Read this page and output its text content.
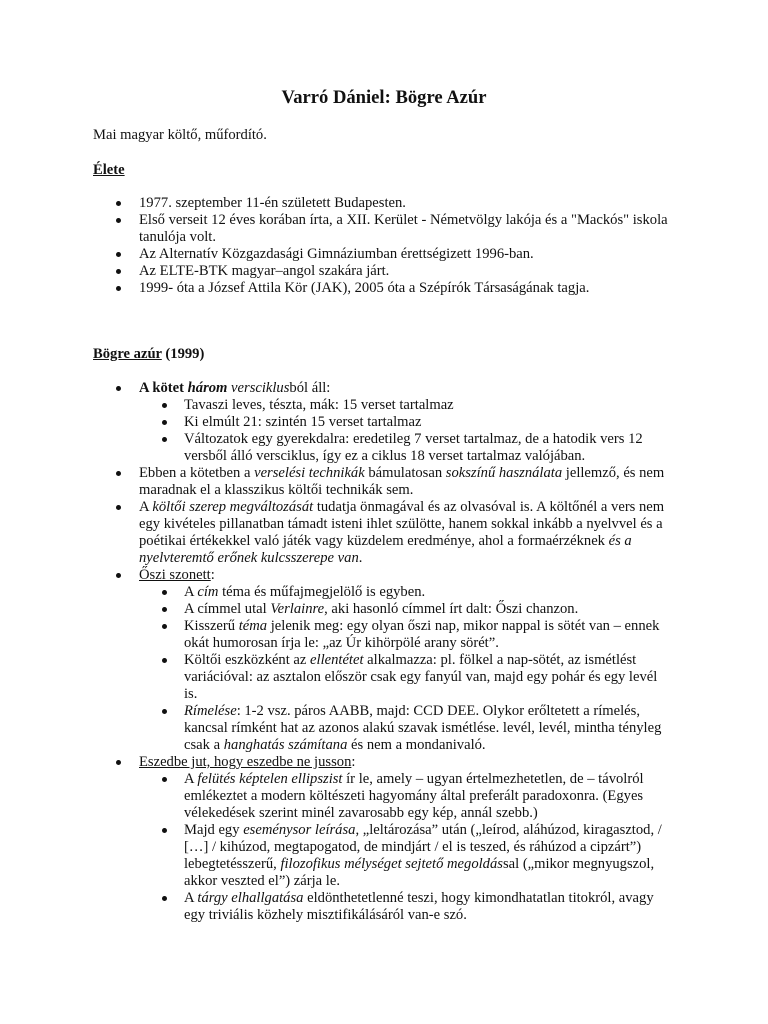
Varró Dániel: Bögre Azúr

Mai magyar költő, műfordító.

Élete

1977. szeptember 11-én született Budapesten.
Első verseit 12 éves korában írta, a XII. Kerület - Németvölgy lakója és a "Mackós" iskola tanulója volt.
Az Alternatív Közgazdasági Gimnáziumban érettségizett 1996-ban.
Az ELTE-BTK magyar–angol szakára járt.
1999- óta a József Attila Kör (JAK), 2005 óta a Szépírók Társaságának tagja.

Bögre azúr (1999)

A kötet három versciklusból áll:
Tavaszi leves, tészta, mák: 15 verset tartalmaz
Ki elmúlt 21: szintén 15 verset tartalmaz
Változatok egy gyerekdalra: eredetileg 7 verset tartalmaz, de a hatodik vers 12 versből álló versciklus, így ez a ciklus 18 verset tartalmaz valójában.
Ebben a kötetben a verselési technikák bámulatosan sokszínű használata jellemző, és nem maradnak el a klasszikus költői technikák sem.
A költői szerep megváltozását tudatja önmagával és az olvasóval is. A költőnél a vers nem egy kivételes pillanatban támadt isteni ihlet szülötte, hanem sokkal inkább a nyelvvel és a poétikai értékekkel való játék vagy küzdelem eredménye, ahol a formaérzéknek és a nyelvteremtő erőnek kulcsszerepe van.
Őszi szonett:
A cím téma és műfajmegjelölő is egyben.
A címmel utal Verlainre, aki hasonló címmel írt dalt: Őszi chanzon.
Kisszerű téma jelenik meg: egy olyan őszi nap, mikor nappal is sötét van – ennek okát humorosan írja le: „az Úr kihörpölé arany sörét”.
Költői eszközként az ellentétet alkalmazza: pl. fölkel a nap-sötét, az ismétlést variációval: az asztalon először csak egy fanyúl van, majd egy pohár és egy levél is.
Rímelése: 1-2 vsz. páros AABB, majd: CCD DEE. Olykor erőltetett a rímelés, kancsal rímként hat az azonos alakú szavak ismétlése. levél, levél, mintha tényleg csak a hanghatás számítana és nem a mondanivaló.
Eszedbe jut, hogy eszedbe ne jusson:
A felütés képtelen ellipszist ír le, amely – ugyan értelmezhetetlen, de – távolról emlékeztet a modern költészeti hagyomány által preferált paradoxonra. (Egyes vélekedések szerint minél zavarosabb egy kép, annál szebb.)
Majd egy eseménysor leírása, „leltározása” után („leírod, aláhúzod, kiragasztod, / […] / kihúzod, megtapogatod, de mindjárt / el is teszed, és ráhúzod a cipzárt”) lebegtetésszerű, filozofikus mélységet sejtető megoldással („mikor megnyugszol, akkor veszted el”) zárja le.
A tárgy elhallgatása eldönthetetlenné teszi, hogy kimondhatatlan titokról, avagy egy triviális közhely misztifikálásáról van-e szó.
